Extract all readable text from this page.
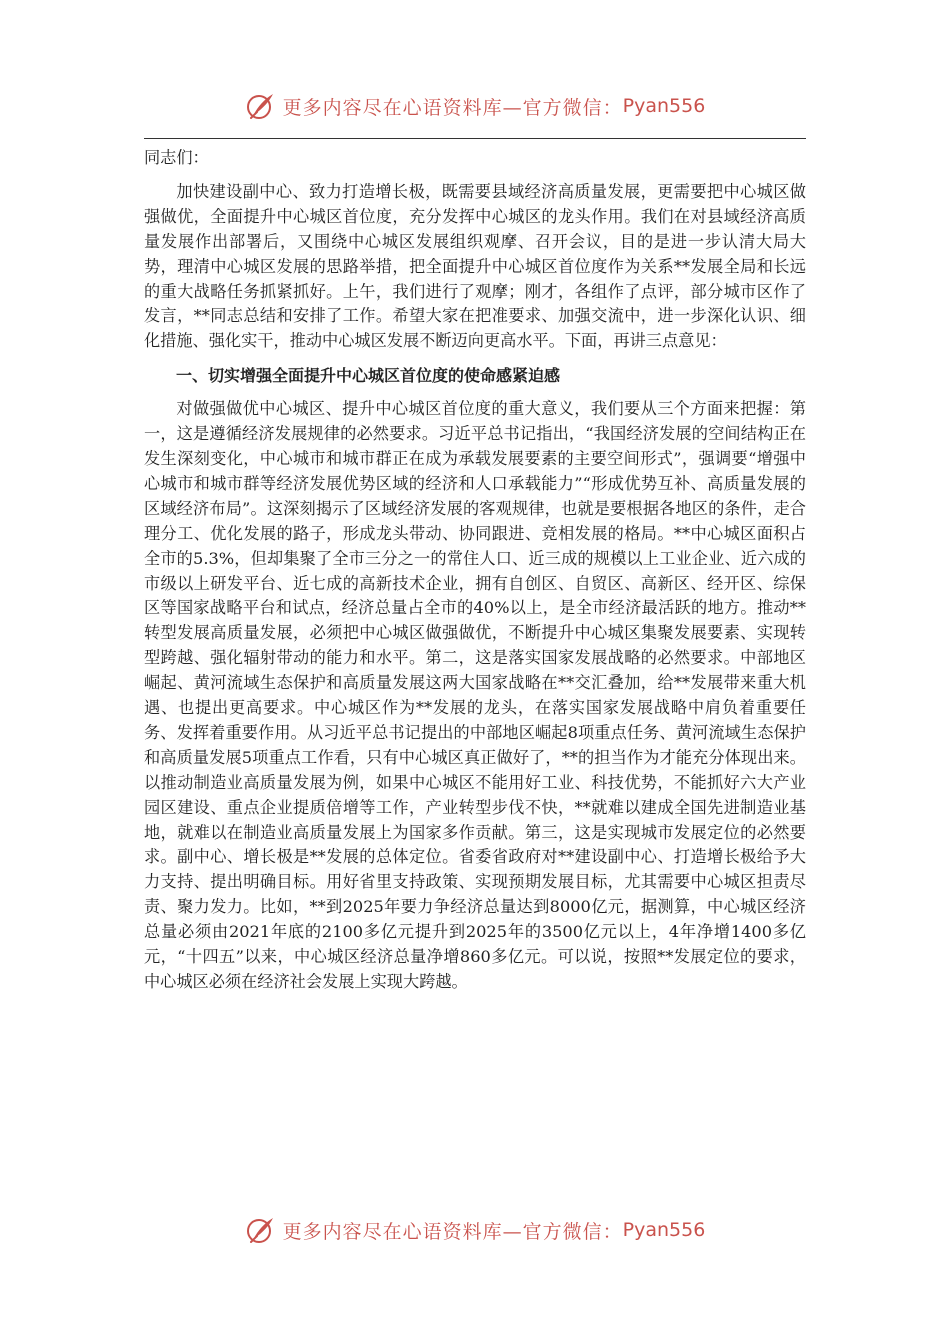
更多内容尽在心语资料库—官方微信： Pyan556

同志们：

加快建设副中心、致力打造增长极，既需要县域经济高质量发展，更需要把中心城区做强做优，全面提升中心城区首位度，充分发挥中心城区的龙头作用。我们在对县域经济高质量发展作出部署后，又围绕中心城区发展组织观摩、召开会议，目的是进一步认清大局大势，理清中心城区发展的思路举措，把全面提升中心城区首位度作为关系**发展全局和长远的重大战略任务抓紧抓好。上午，我们进行了观摩；刚才，各组作了点评，部分城市区作了发言，**同志总结和安排了工作。希望大家在把准要求、加强交流中，进一步深化认识、细化措施、强化实干，推动中心城区发展不断迈向更高水平。下面，再讲三点意见：

一、切实增强全面提升中心城区首位度的使命感紧迫感

对做强做优中心城区、提升中心城区首位度的重大意义，我们要从三个方面来把握：第一，这是遵循经济发展规律的必然要求。习近平总书记指出，“我国经济发展的空间结构正在发生深刻变化，中心城市和城市群正在成为承载发展要素的主要空间形式”，强调要“增强中心城市和城市群等经济发展优势区域的经济和人口承载能力”“形成优势互补、高质量发展的区域经济布局”。这深刻揭示了区域经济发展的客观规律，也就是要根据各地区的条件，走合理分工、优化发展的路子，形成龙头带动、协同跟进、竞相发展的格局。**中心城区面积占全市的5.3%，但却集聚了全市三分之一的常住人口、近三成的规模以上工业企业、近六成的市级以上研发平台、近七成的高新技术企业，拥有自创区、自贸区、高新区、经开区、综保区等国家战略平台和试点，经济总量占全市的40%以上，是全市经济最活跃的地方。推动**转型发展高质量发展，必须把中心城区做强做优，不断提升中心城区集聚发展要素、实现转型跨越、强化辐射带动的能力和水平。第二，这是落实国家发展战略的必然要求。中部地区崛起、黄河流域生态保护和高质量发展这两大国家战略在**交汇叠加，给**发展带来重大机遇、也提出更高要求。中心城区作为**发展的龙头，在落实国家发展战略中肩负着重要任务、发挥着重要作用。从习近平总书记提出的中部地区崛起8项重点任务、黄河流域生态保护和高质量发展5项重点工作看，只有中心城区真正做好了，**的担当作为才能充分体现出来。以推动制造业高质量发展为例，如果中心城区不能用好工业、科技优势，不能抓好六大产业园区建设、重点企业提质倍增等工作，产业转型步伐不快，**就难以建成全国先进制造业基地，就难以在制造业高质量发展上为国家多作贡献。第三，这是实现城市发展定位的必然要求。副中心、增长极是**发展的总体定位。省委省政府对**建设副中心、打造增长极给予大力支持、提出明确目标。用好省里支持政策、实现预期发展目标，尤其需要中心城区担责尽责、聚力发力。比如，**到2025年要力争经济总量达到8000亿元，据测算，中心城区经济总量必须由2021年底的2100多亿元提升到2025年的3500亿元以上，4年净增1400多亿元，“十四五”以来，中心城区经济总量净增860多亿元。可以说，按照**发展定位的要求，中心城区必须在经济社会发展上实现大跨越。

更多内容尽在心语资料库—官方微信： Pyan556
